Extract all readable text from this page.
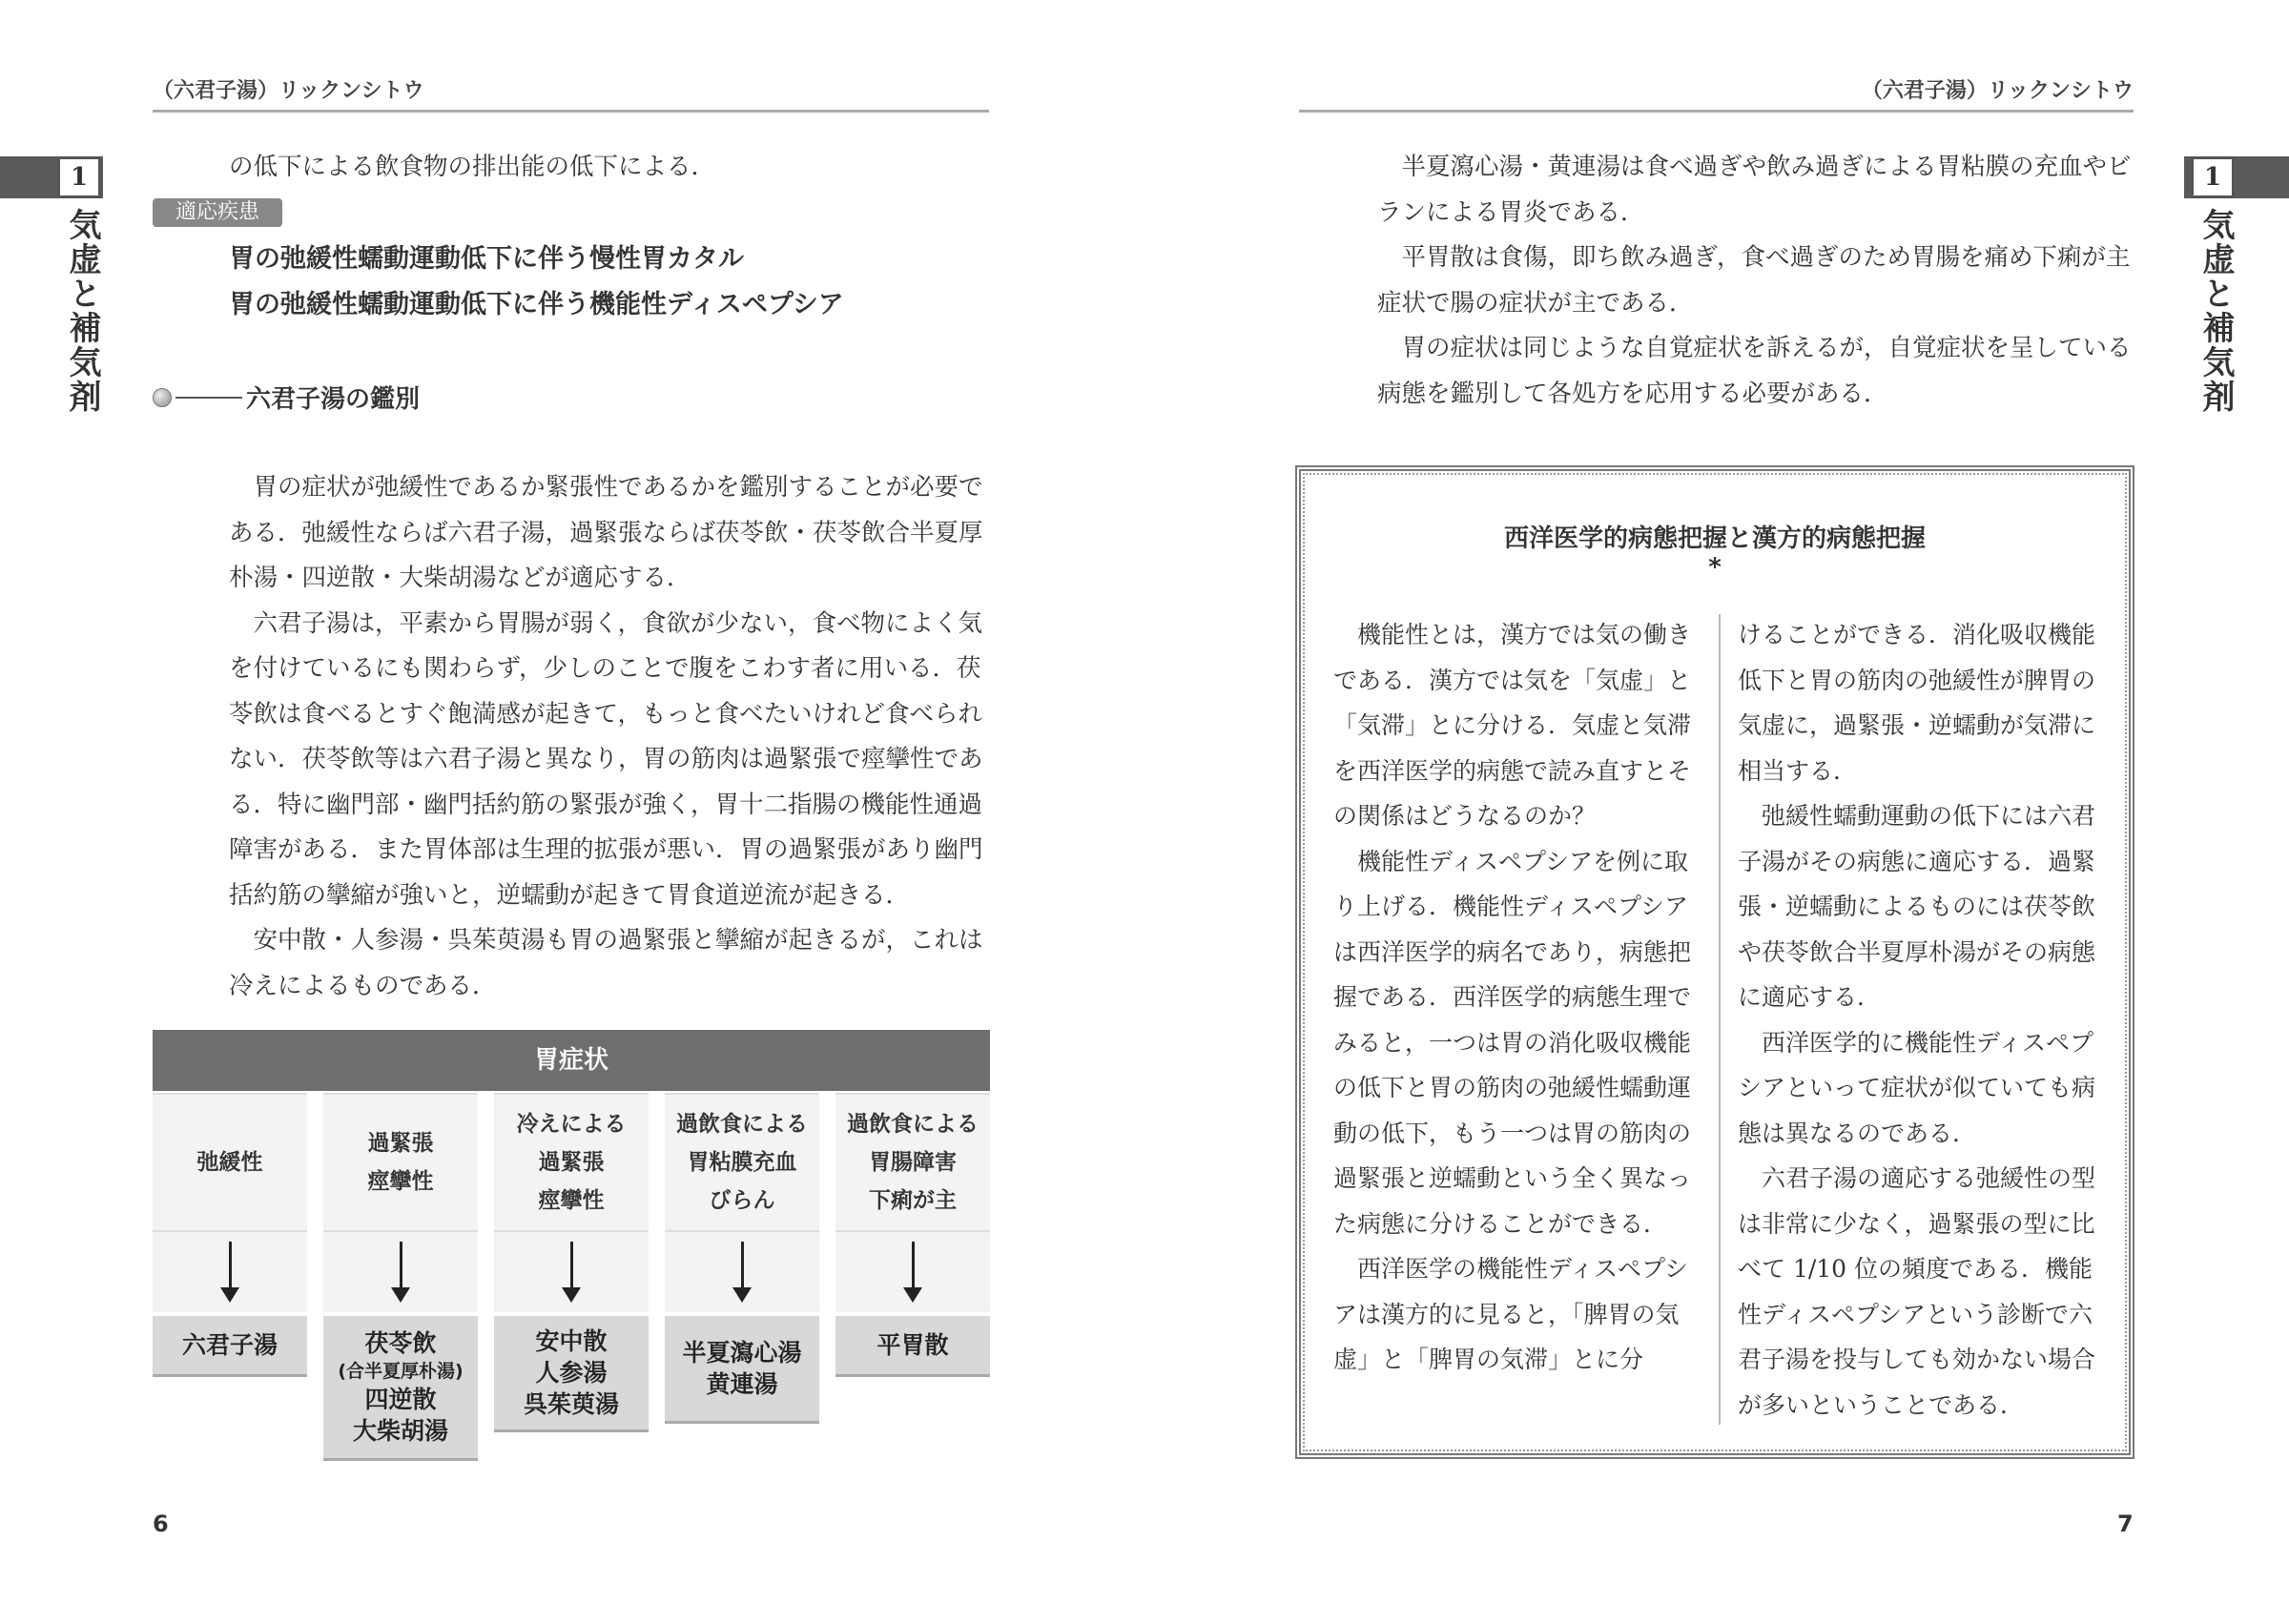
（六君子湯）リックンシトウ
1
気虚と補気剤
の低下による飲食物の排出能の低下による．
適応疾患
胃の弛緩性蠕動運動低下に伴う慢性胃カタル
胃の弛緩性蠕動運動低下に伴う機能性ディスペプシア
六君子湯の鑑別

胃の症状が弛緩性であるか緊張性であるかを鑑別することが必要である．弛緩性ならば六君子湯，過緊張ならば茯苓飲・茯苓飲合半夏厚朴湯・四逆散・大柴胡湯などが適応する．

六君子湯は，平素から胃腸が弱く，食欲が少ない，食べ物によく気を付けているにも関わらず，少しのことで腹をこわす者に用いる．茯苓飲は食べるとすぐ飽満感が起きて，もっと食べたいけれど食べられない．茯苓飲等は六君子湯と異なり，胃の筋肉は過緊張で痙攣性である．特に幽門部・幽門括約筋の緊張が強く，胃十二指腸の機能性通過障害がある．また胃体部は生理的拡張が悪い．胃の過緊張があり幽門括約筋の攣縮が強いと，逆蠕動が起きて胃食道逆流が起きる．

安中散・人参湯・呉茱萸湯も胃の過緊張と攣縮が起きるが，これは冷えによるものである．

胃症状
弛緩性
六君子湯
過緊張
痙攣性
茯苓飲
(合半夏厚朴湯)
四逆散
大柴胡湯
冷えによる
過緊張
痙攣性
安中散
人参湯
呉茱萸湯
過飲食による
胃粘膜充血
びらん
半夏瀉心湯
黄連湯
過飲食による
胃腸障害
下痢が主
平胃散
6
（六君子湯）リックンシトウ
1
気虚と補気剤

半夏瀉心湯・黄連湯は食べ過ぎや飲み過ぎによる胃粘膜の充血やビランによる胃炎である．

平胃散は食傷，即ち飲み過ぎ，食べ過ぎのため胃腸を痛め下痢が主症状で腸の症状が主である．

胃の症状は同じような自覚症状を訴えるが，自覚症状を呈している病態を鑑別して各処方を応用する必要がある．

西洋医学的病態把握と漢方的病態把握
*

機能性とは，漢方では気の働きである．漢方では気を「気虚」と「気滞」とに分ける．気虚と気滞を西洋医学的病態で読み直すとその関係はどうなるのか？

機能性ディスペプシアを例に取り上げる．機能性ディスペプシアは西洋医学的病名であり，病態把握である．西洋医学的病態生理でみると，一つは胃の消化吸収機能の低下と胃の筋肉の弛緩性蠕動運動の低下，もう一つは胃の筋肉の過緊張と逆蠕動という全く異なった病態に分けることができる．

西洋医学の機能性ディスペプシアは漢方的に見ると，「脾胃の気虚」と「脾胃の気滞」とに分

けることができる．消化吸収機能低下と胃の筋肉の弛緩性が脾胃の気虚に，過緊張・逆蠕動が気滞に相当する．

弛緩性蠕動運動の低下には六君子湯がその病態に適応する．過緊張・逆蠕動によるものには茯苓飲や茯苓飲合半夏厚朴湯がその病態に適応する．

西洋医学的に機能性ディスペプシアといって症状が似ていても病態は異なるのである．

六君子湯の適応する弛緩性の型は非常に少なく，過緊張の型に比べて 1/10 位の頻度である．機能性ディスペプシアという診断で六君子湯を投与しても効かない場合が多いということである．

7
